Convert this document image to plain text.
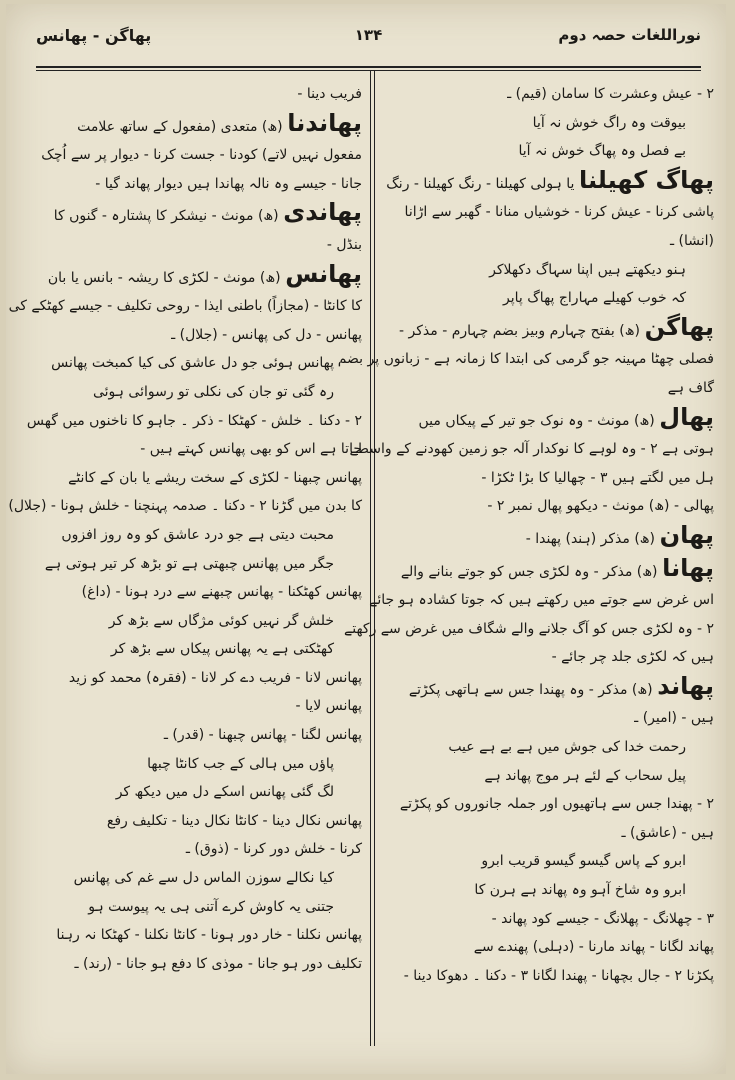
نوراللغات حصہ دوم
۱۳۴
پھاگن - پھانس
۲ - عیش وعشرت کا سامان (قیم) ـ
بیوقت وہ راگ خوش نہ آیا
بے فصل وہ پھاگ خوش نہ آیا
پھاگ کھیلنا یا ہولی کھیلنا - رنگ کھیلنا - رنگ
پاشی کرنا - عیش کرنا - خوشیاں منانا - گھبر سے اڑانا
(انشا) ـ
ہنو دیکھتے ہیں اپنا سہاگ دکھلاکر
کہ خوب کھیلے مہاراج پھاگ پاپر
پھاگن (ھ) بفتح چہارم وبیز بضم چہارم - مذکر -
فصلی چھٹا مہینہ جو گرمی کی ابتدا کا زمانہ ہے - زبانوں پر بضم
گاف ہے
پھال (ھ) مونث - وہ نوک جو تیر کے پیکاں میں
ہوتی ہے ۲ - وہ لوہے کا نوکدار آلہ جو زمین کھودنے کے واسطے
ہل میں لگتے ہیں ۳ - چھالیا کا بڑا ٹکڑا -
پھالی - (ھ) مونث - دیکھو پھال نمبر ۲ -
پھان (ھ) مذکر (ہند) پھندا -
پھانا (ھ) مذکر - وہ لکڑی جس کو جوتے بنانے والے
اس غرض سے جوتے میں رکھتے ہیں کہ جوتا کشادہ ہو جائے
۲ - وہ لکڑی جس کو آگ جلانے والے شگاف میں غرض سے رکھتے
ہیں کہ لکڑی جلد چر جائے -
پھاند (ھ) مذکر - وہ پھندا جس سے ہاتھی پکڑتے
ہیں - (امیر) ـ
رحمت خدا کی جوش میں ہے بے ہے عیب
پیل سحاب کے لئے ہر موج پھاند ہے
۲ - پھندا جس سے ہاتھیوں اور جملہ جانوروں کو پکڑتے
ہیں - (عاشق) ـ
ابرو کے پاس گیسو گیسو قریب ابرو
ابرو وہ شاخ آہو وہ پھاند ہے ہرن کا
۳ - چھلانگ - پھلانگ - جیسے کود پھاند -
پھاند لگانا - پھاند مارنا - (دہلی) پھندے سے
پکڑنا ۲ - جال بچھانا - پھندا لگانا ۳ - دکنا ۔ دھوکا دینا -
فریب دینا -
پھاندنا (ھ) متعدی (مفعول کے ساتھ علامت
مفعول نہیں لاتے) کودنا - جست کرنا - دیوار پر سے اُچک
جانا - جیسے وہ نالہ پھاندا ہیں دیوار پھاند گیا -
پھاندی (ھ) مونث - نیشکر کا پشتارہ - گنوں کا
بنڈل -
پھانس (ھ) مونث - لکڑی کا ریشہ - بانس یا بان
کا کانٹا - (مجازاً) باطنی ایذا - روحی تکلیف - جیسے کھٹکے کی
پھانس - دل کی پھانس - (جلال) ـ
پھانس ہوئی جو دل عاشق کی کیا کمبخت پھانس
رہ گئی تو جان کی نکلی تو رسوائی ہوئی
۲ - دکنا ۔ خلش - کھٹکا - ذکر ۔ جاہو کا ناخنوں میں گھس
جاتا ہے اس کو بھی پھانس کہتے ہیں -
پھانس چبھنا - لکڑی کے سخت ریشے یا بان کے کانٹے
کا بدن میں گڑنا ۲ - دکنا ۔ صدمہ پہنچنا - خلش ہونا - (جلال)
محبت دیتی ہے جو درد عاشق کو وہ روز افزوں
جگر میں پھانس چبھتی ہے تو بڑھ کر تیر ہوتی ہے
پھانس کھٹکنا - پھانس چبھنے سے درد ہونا - (داغ)
خلش گر نہیں کوئی مژگاں سے بڑھ کر
کھٹکتی ہے یہ پھانس پیکاں سے بڑھ کر
پھانس لانا - فریب دے کر لانا - (فقرہ) محمد کو زید
پھانس لایا -
پھانس لگنا - پھانس چبھنا - (قدر) ـ
پاؤں میں ہالی کے جب کانٹا چبھا
لگ گئی پھانس اسکے دل میں دیکھ کر
پھانس نکال دینا - کانٹا نکال دینا - تکلیف رفع
کرنا - خلش دور کرنا - (ذوق) ـ
کیا نکالے سوزن الماس دل سے غم کی پھانس
جتنی یہ کاوش کرے آتنی ہی یہ پیوست ہو
پھانس نکلنا - خار دور ہونا - کانٹا نکلنا - کھٹکا نہ رہنا
تکلیف دور ہو جانا - موذی کا دفع ہو جانا - (رند) ـ
